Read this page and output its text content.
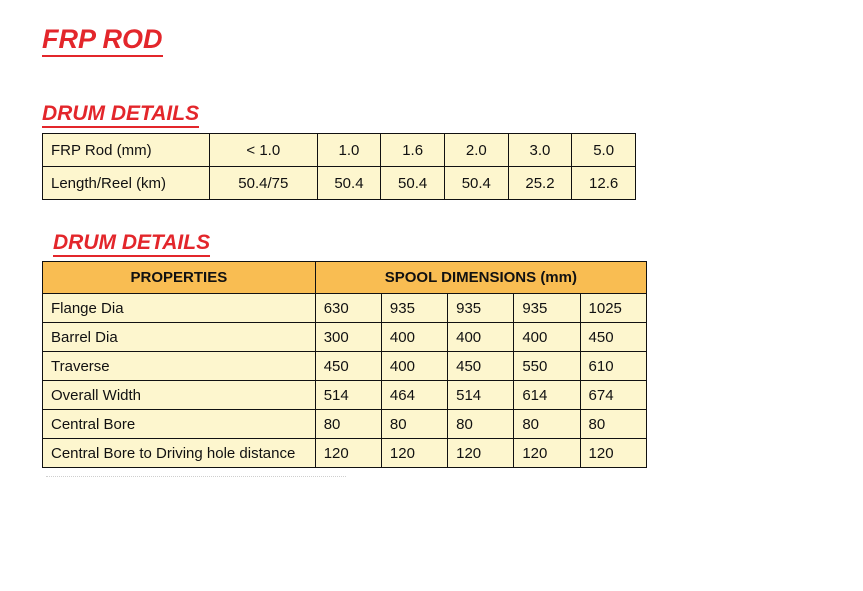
FRP ROD
DRUM DETAILS
FRP Rod (mm)	< 1.0	1.0	1.6	2.0	3.0	5.0
Length/Reel (km)	50.4/75	50.4	50.4	50.4	25.2	12.6
DRUM DETAILS
PROPERTIES	SPOOL DIMENSIONS (mm)				
Flange Dia	630	935	935	935	1025
Barrel Dia	300	400	400	400	450
Traverse	450	400	450	550	610
Overall Width	514	464	514	614	674
Central Bore	80	80	80	80	80
Central Bore to Driving hole distance	120	120	120	120	120
